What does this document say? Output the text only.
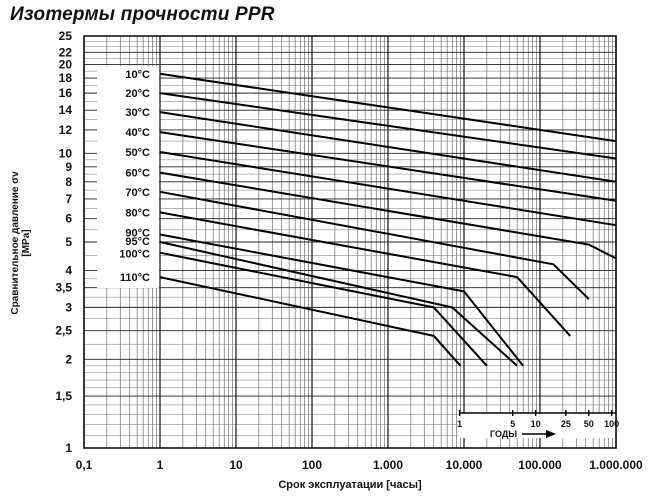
Изотермы прочности PPR
10°C
20°C
30°C
40°C
50°C
60°C
70°C
80°C
90°C
95°C
100°C
110°C
1	5 10 25 50 100
ГОДЫ
0,1	1	10	100	1.000	10.000	100.000 1.000.000
1
1,5
2
2,5
3
3,5
4
5
6
7
8
9
10
12
14
16
18
20
22
25
Сравнительное давление σv [MPa]
Срок эксплуатации [часы]
